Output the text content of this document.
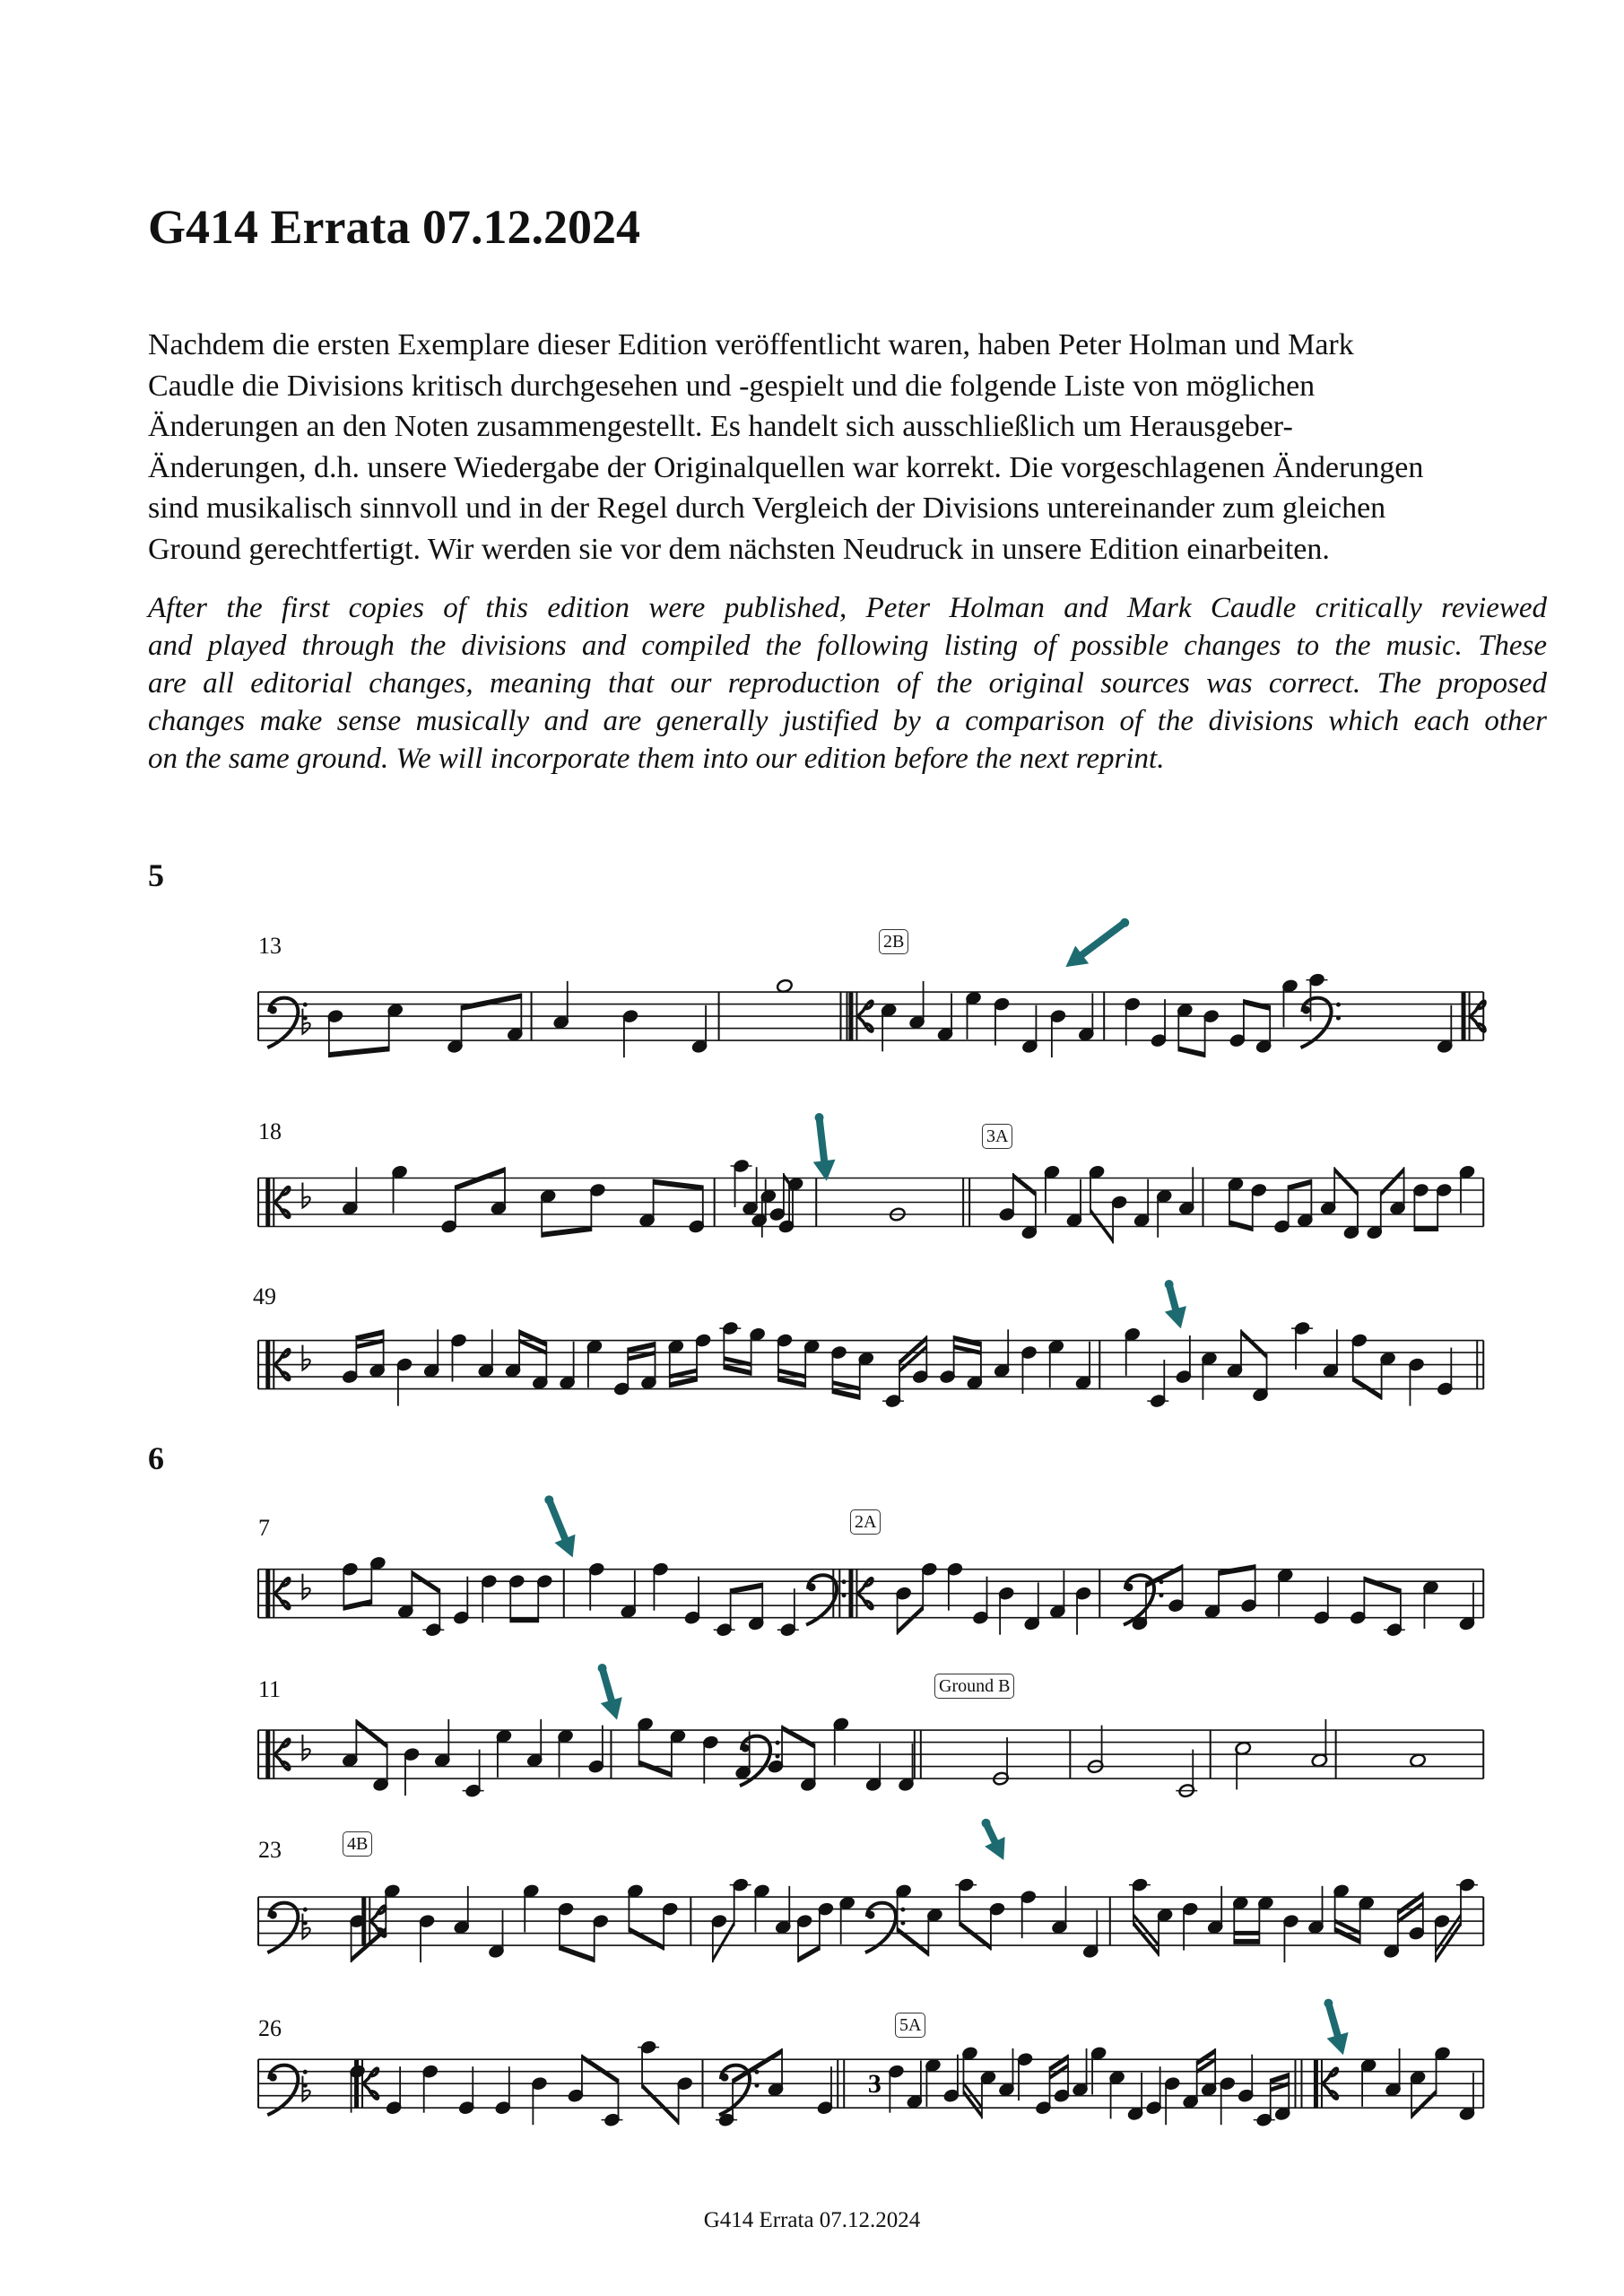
G414 Errata 07.12.2024
Nachdem die ersten Exemplare dieser Edition veröffentlicht waren, haben Peter Holman und Mark
Caudle die Divisions kritisch durchgesehen und -gespielt und die folgende Liste von möglichen
Änderungen an den Noten zusammengestellt. Es handelt sich ausschließlich um Herausgeber-
Änderungen, d.h. unsere Wiedergabe der Originalquellen war korrekt. Die vorgeschlagenen Änderungen
sind musikalisch sinnvoll und in der Regel durch Vergleich der Divisions untereinander zum gleichen
Ground gerechtfertigt. Wir werden sie vor dem nächsten Neudruck in unsere Edition einarbeiten.
After the first copies of this edition were published, Peter Holman and Mark Caudle critically reviewed
and played through the divisions and compiled the following listing of possible changes to the music. These
are all editorial changes, meaning that our reproduction of the original sources was correct. The proposed
changes make sense musically and are generally justified by a comparison of the divisions which each other
on the same ground. We will incorporate them into our edition before the next reprint.
5
6
13
18
49
7
11
23
26
3
2B
3A
2A
Ground B
4B
5A
G414 Errata 07.12.2024
